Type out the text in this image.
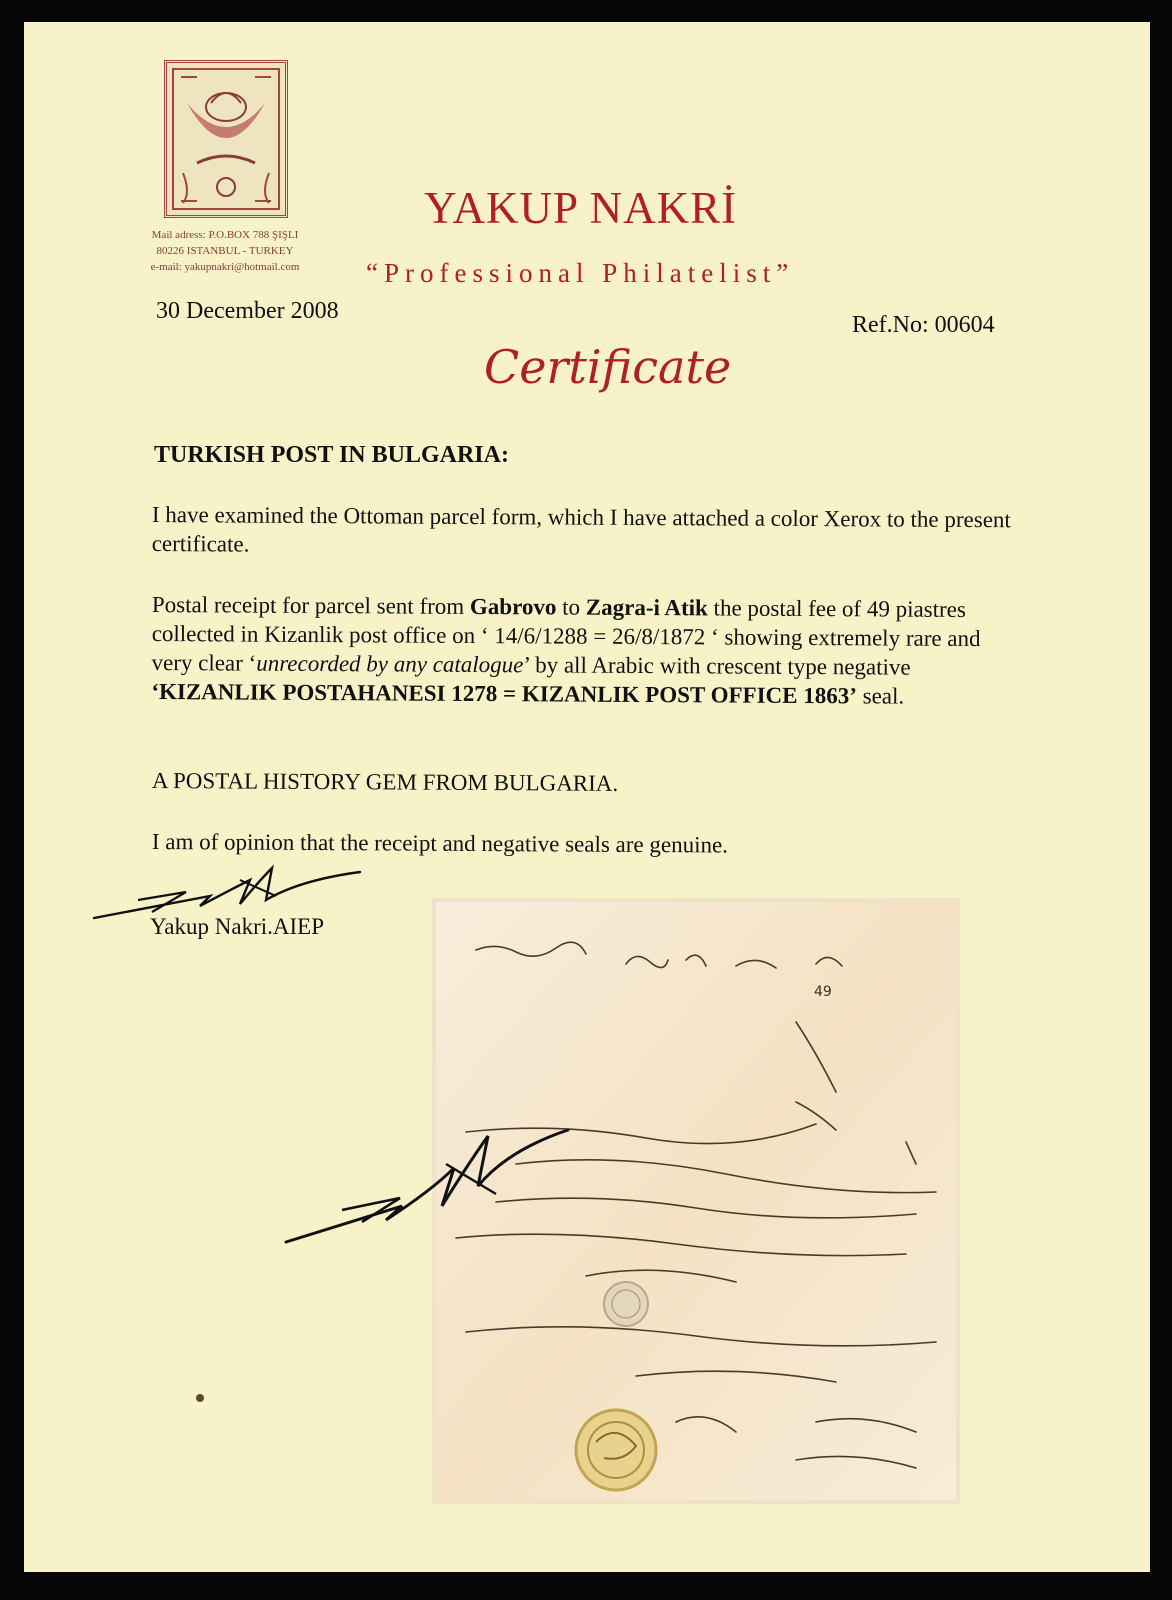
Mail adress: P.O.BOX 788 ŞIŞLI
80226 ISTANBUL - TURKEY
e-mail: yakupnakri@hotmail.com
YAKUP NAKRİ
“Professional Philatelist”
30 December 2008
Ref.No: 00604
Certificate
TURKISH POST IN BULGARIA:
I have examined the Ottoman parcel form, which I have attached a color Xerox to the present certificate.
Postal receipt for parcel sent from Gabrovo to Zagra-i Atik the postal fee of 49 piastres collected in Kizanlik post office on ‘ 14/6/1288 = 26/8/1872 ‘ showing extremely rare and very clear ‘unrecorded by any catalogue’ by all Arabic with crescent type negative ‘KIZANLIK POSTAHANESI 1278 = KIZANLIK POST OFFICE 1863’ seal.
A POSTAL HISTORY GEM FROM BULGARIA.
I am of opinion that the receipt and negative seals are genuine.
Yakup Nakri.AIEP
49
